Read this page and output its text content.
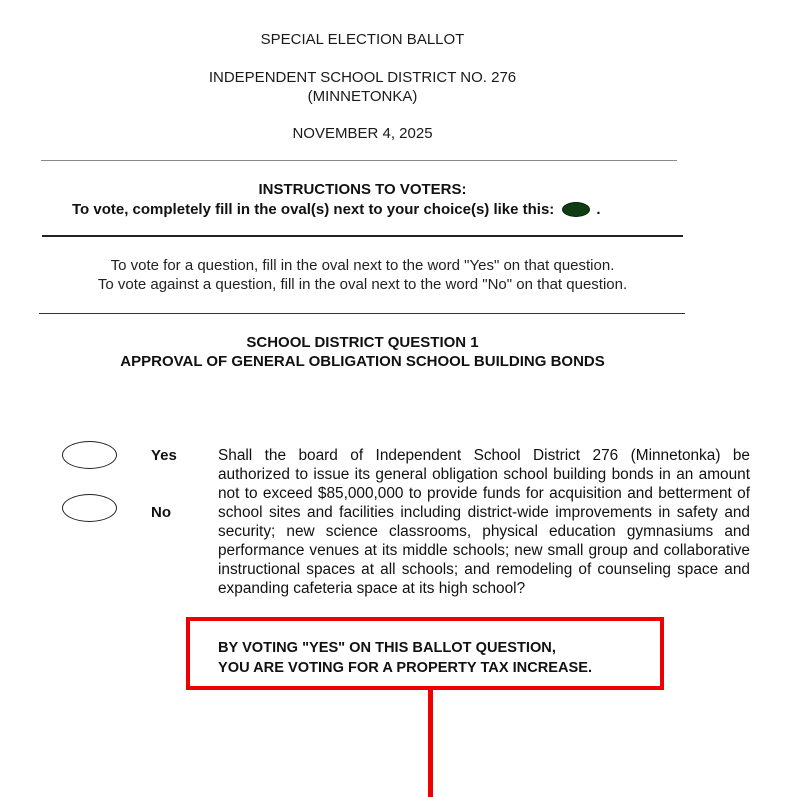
SPECIAL ELECTION BALLOT
INDEPENDENT SCHOOL DISTRICT NO. 276
(MINNETONKA)
NOVEMBER 4, 2025
INSTRUCTIONS TO VOTERS:
To vote, completely fill in the oval(s) next to your choice(s) like this:	.
To vote for a question, fill in the oval next to the word "Yes" on that question.
To vote against a question, fill in the oval next to the word "No" on that question.
SCHOOL DISTRICT QUESTION 1
APPROVAL OF GENERAL OBLIGATION SCHOOL BUILDING BONDS
Yes
No
Shall the board of Independent School District 276 (Minnetonka) be authorized to issue its general obligation school building bonds in an amount not to exceed $85,000,000 to provide funds for acquisition and betterment of school sites and facilities including district-wide improvements in safety and security; new science classrooms, physical education gymnasiums and performance venues at its middle schools; new small group and collaborative instructional spaces at all schools; and remodeling of counseling space and expanding cafeteria space at its high school?
BY VOTING "YES" ON THIS BALLOT QUESTION,
YOU ARE VOTING FOR A PROPERTY TAX INCREASE.
